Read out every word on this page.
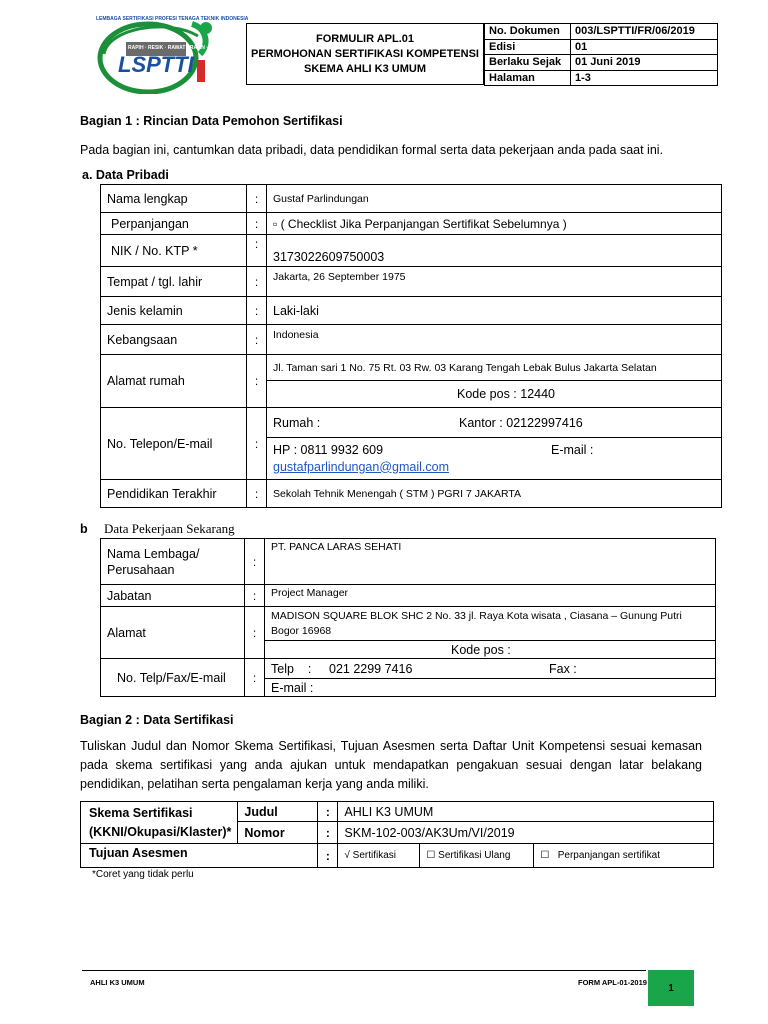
LEMBAGA SERTIFIKASI PROFESI TENAGA TEKNIK INDONESIA
RAPIH · RESIK · RAWAT · RAJIN · RINGKAS
LSPTTI
FORMULIR APL.01
PERMOHONAN SERTIFIKASI KOMPETENSI
SKEMA AHLI K3 UMUM
No. Dokumen	003/LSPTTI/FR/06/2019
Edisi	01
Berlaku Sejak	01 Juni 2019
Halaman	1-3
Bagian 1 : Rincian Data Pemohon Sertifikasi
Pada bagian ini, cantumkan data pribadi, data pendidikan formal serta data pekerjaan anda pada saat ini.
a. Data Pribadi
Nama lengkap	:	Gustaf Parlindungan
Perpanjangan	:	▫ ( Checklist Jika Perpanjangan Sertifikat Sebelumnya )
NIK / No. KTP *	:	3173022609750003
Tempat / tgl. lahir	:	Jakarta, 26 September 1975
Jenis kelamin	:	Laki-laki
Kebangsaan	:	Indonesia
Alamat rumah	:	Jl. Taman sari 1 No. 75 Rt. 03 Rw. 03 Karang Tengah Lebak Bulus Jakarta Selatan
		Kode pos : 12440
No. Telepon/E-mail	:	Rumah : Kantor : 02122997416
		HP : 0811 9932 609 E-mail :
gustafparlindungan@gmail.com
Pendidikan Terakhir	:	Sekolah Tehnik Menengah ( STM ) PGRI 7 JAKARTA
b Data Pekerjaan Sekarang
Nama Lembaga/
Perusahaan	:	PT. PANCA LARAS SEHATI
Jabatan	:	Project Manager
Alamat	:	MADISON SQUARE BLOK SHC 2 No. 33 jl. Raya Kota wisata , Ciasana – Gunung Putri
Bogor 16968
		Kode pos :
No. Telp/Fax/E-mail	:	Telp    : 021 2299 7416 Fax :
		E-mail :
Bagian 2 : Data Sertifikasi
Tuliskan Judul dan Nomor Skema Sertifikasi, Tujuan Asesmen serta Daftar Unit Kompetensi sesuai kemasan pada skema sertifikasi yang anda ajukan untuk mendapatkan pengakuan sesuai dengan latar belakang pendidikan, pelatihan serta pengalaman kerja yang anda miliki.
Skema Sertifikasi
(KKNI/Okupasi/Klaster)*	Judul	:	AHLI K3 UMUM		
	Nomor	:	SKM-102-003/AK3Um/VI/2019		
Tujuan Asesmen		:	√ Sertifikasi	☐ Sertifikasi Ulang	☐   Perpanjangan sertifikat
*Coret yang tidak perlu
AHLI K3 UMUM	FORM APL-01-2019	1
